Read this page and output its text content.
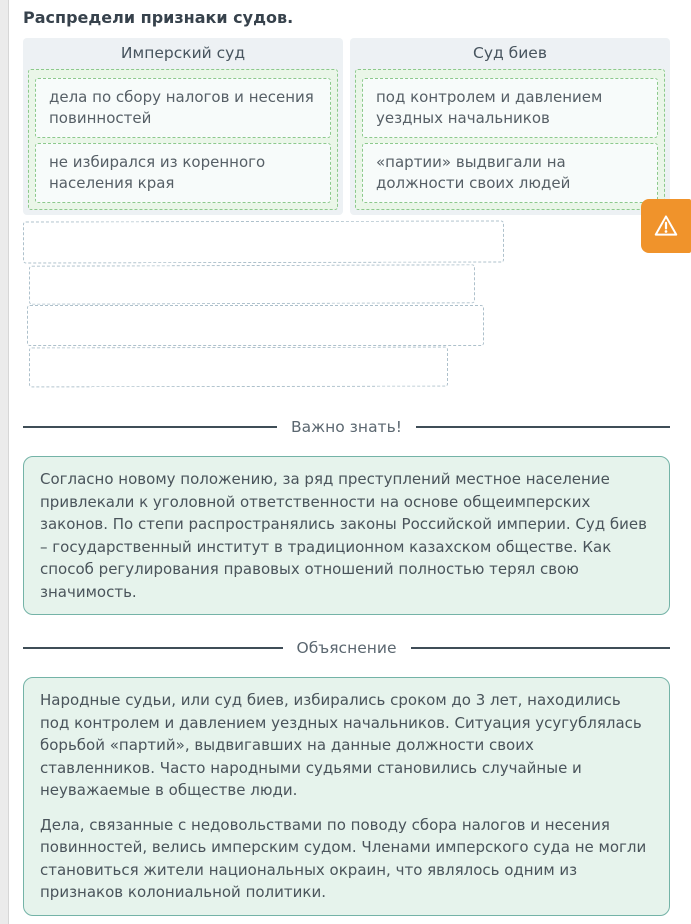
Распредели признаки судов.
Имперский суд
дела по сбору налогов и несения повинностей
не избирался из коренного населения края
Суд биев
под контролем и давлением уездных начальников
«партии» выдвигали на должности своих людей
Важно знать!

Согласно новому положению, за ряд преступлений местное население привлекали к уголовной ответственности на основе общеимперских законов. По степи распространялись законы Российской империи. Суд биев – государственный институт в традиционном казахском обществе. Как способ регулирования правовых отношений полностью терял свою значимость.

Объяснение

Народные судьи, или суд биев, избирались сроком до 3 лет, находились под контролем и давлением уездных начальников. Ситуация усугублялась борьбой «партий», выдвигавших на данные должности своих ставленников. Часто народными судьями становились случайные и неуважаемые в обществе люди.

Дела, связанные с недовольствами по поводу сбора налогов и несения повинностей, велись имперским судом. Членами имперского суда не могли становиться жители национальных окраин, что являлось одним из признаков колониальной политики.
